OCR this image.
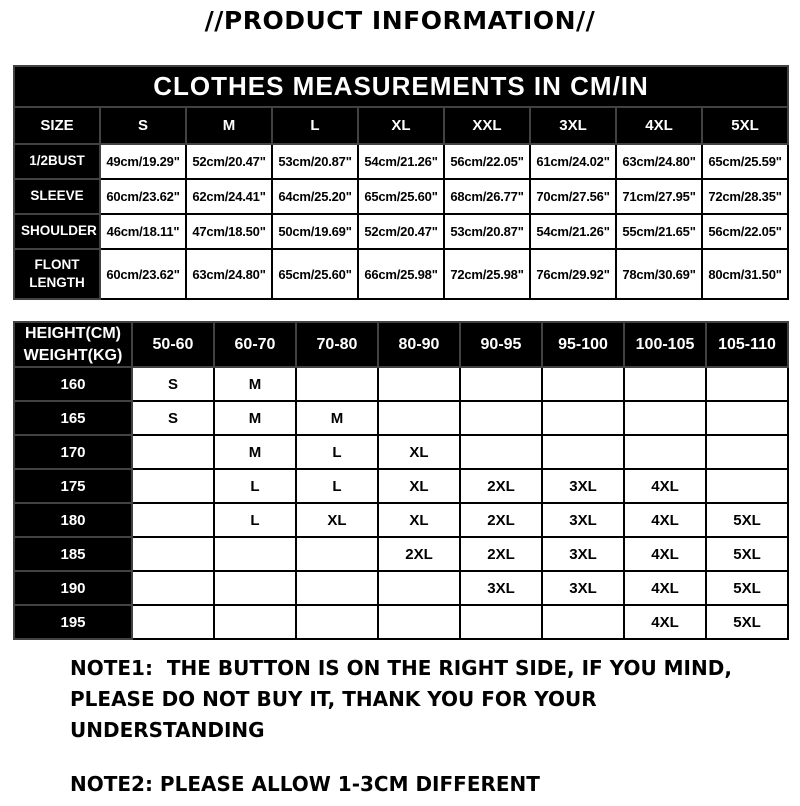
//PRODUCT INFORMATION//
CLOTHES MEASUREMENTS IN CM/IN								
SIZE	S	M	L	XL	XXL	3XL	4XL	5XL
1/2BUST	49cm/19.29"	52cm/20.47"	53cm/20.87"	54cm/21.26"	56cm/22.05"	61cm/24.02"	63cm/24.80"	65cm/25.59"
SLEEVE	60cm/23.62"	62cm/24.41"	64cm/25.20"	65cm/25.60"	68cm/26.77"	70cm/27.56"	71cm/27.95"	72cm/28.35"
SHOULDER	46cm/18.11"	47cm/18.50"	50cm/19.69"	52cm/20.47"	53cm/20.87"	54cm/21.26"	55cm/21.65"	56cm/22.05"
FLONT LENGTH	60cm/23.62"	63cm/24.80"	65cm/25.60"	66cm/25.98"	72cm/25.98"	76cm/29.92"	78cm/30.69"	80cm/31.50"
HEIGHT(CM)
WEIGHT(KG)	50-60	60-70	70-80	80-90	90-95	95-100	100-105	105-110
160	S	M						
165	S	M	M					
170		M	L	XL				
175		L	L	XL	2XL	3XL	4XL	
180		L	XL	XL	2XL	3XL	4XL	5XL
185				2XL	2XL	3XL	4XL	5XL
190					3XL	3XL	4XL	5XL
195							4XL	5XL
NOTE1:  THE BUTTON IS ON THE RIGHT SIDE, IF YOU MIND,
PLEASE DO NOT BUY IT, THANK YOU FOR YOUR
UNDERSTANDING
NOTE2: PLEASE ALLOW 1-3CM DIFFERENT
